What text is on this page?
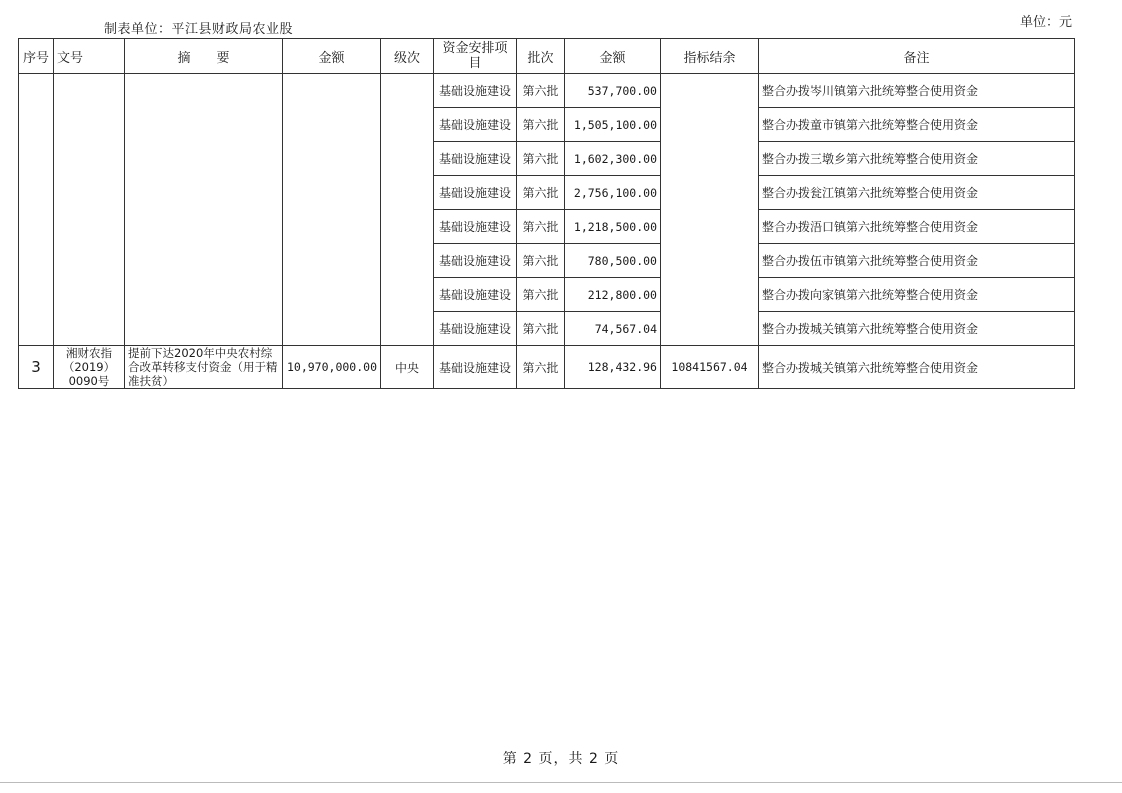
制表单位：平江县财政局农业股	单位：元
序号	文号	摘　　要	金额	级次	资金安排项目	批次	金额	指标结余	备注
					基础设施建设	第六批	537,700.00		整合办拨岑川镇第六批统筹整合使用资金
					基础设施建设	第六批	1,505,100.00		整合办拨童市镇第六批统筹整合使用资金
					基础设施建设	第六批	1,602,300.00		整合办拨三墩乡第六批统筹整合使用资金
					基础设施建设	第六批	2,756,100.00		整合办拨瓮江镇第六批统筹整合使用资金
					基础设施建设	第六批	1,218,500.00		整合办拨浯口镇第六批统筹整合使用资金
					基础设施建设	第六批	780,500.00		整合办拨伍市镇第六批统筹整合使用资金
					基础设施建设	第六批	212,800.00		整合办拨向家镇第六批统筹整合使用资金
					基础设施建设	第六批	74,567.04		整合办拨城关镇第六批统筹整合使用资金
3	湘财农指（2019）0090号	提前下达2020年中央农村综合改革转移支付资金（用于精准扶贫）	10,970,000.00	中央	基础设施建设	第六批	128,432.96	10841567.04	整合办拨城关镇第六批统筹整合使用资金
第 2 页，共 2 页
